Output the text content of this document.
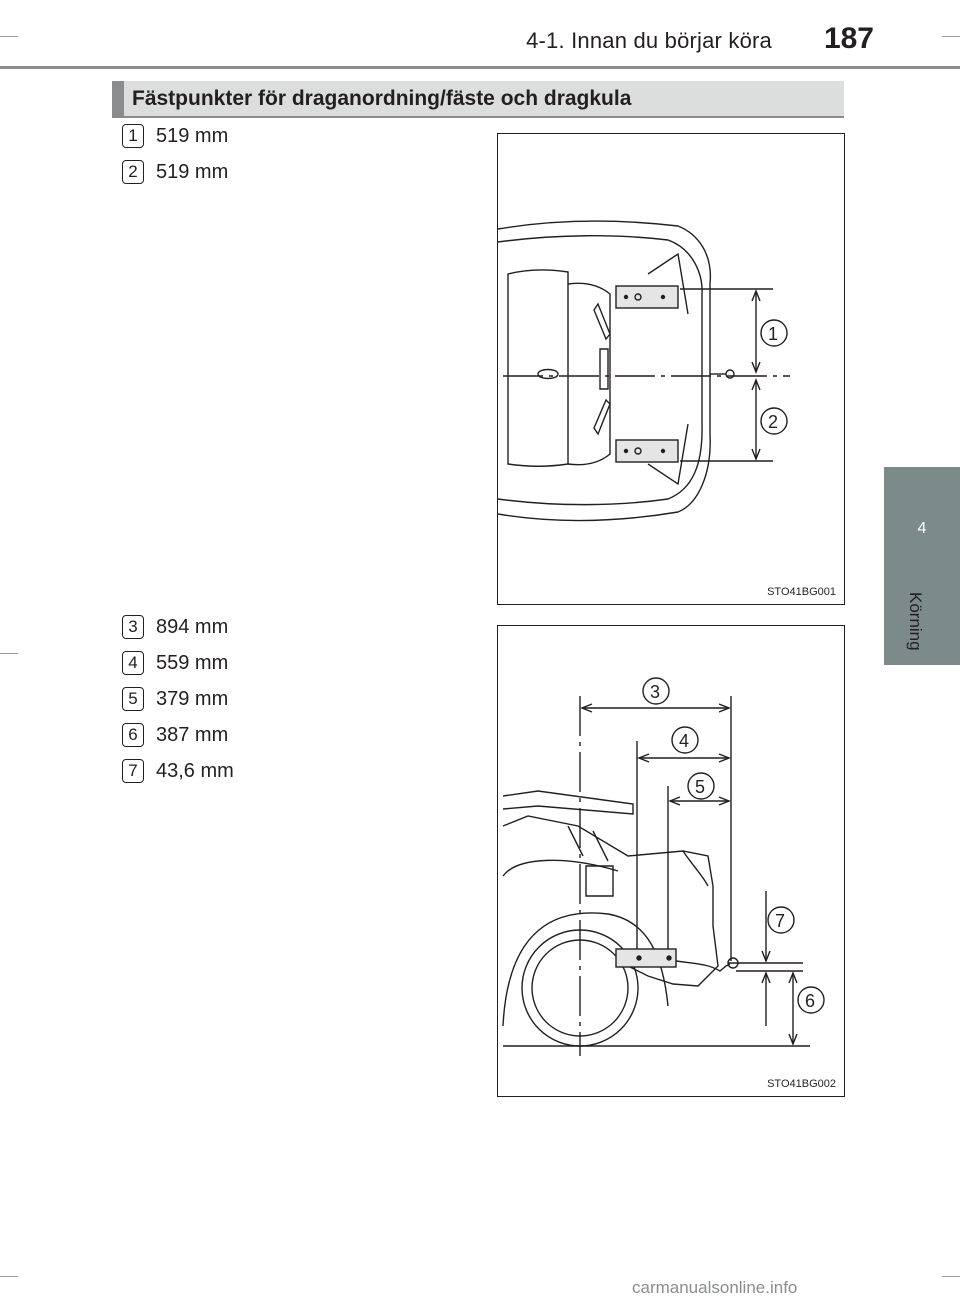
4-1. Innan du börjar köra 187
4
Körning
Fästpunkter för draganordning/fäste och dragkula
1 519 mm
2 519 mm
3 894 mm
4 559 mm
5 379 mm
6 387 mm
7 43,6 mm
1
2
STO41BG001
3
4
5
7
6
STO41BG002
carmanualsonline.info
